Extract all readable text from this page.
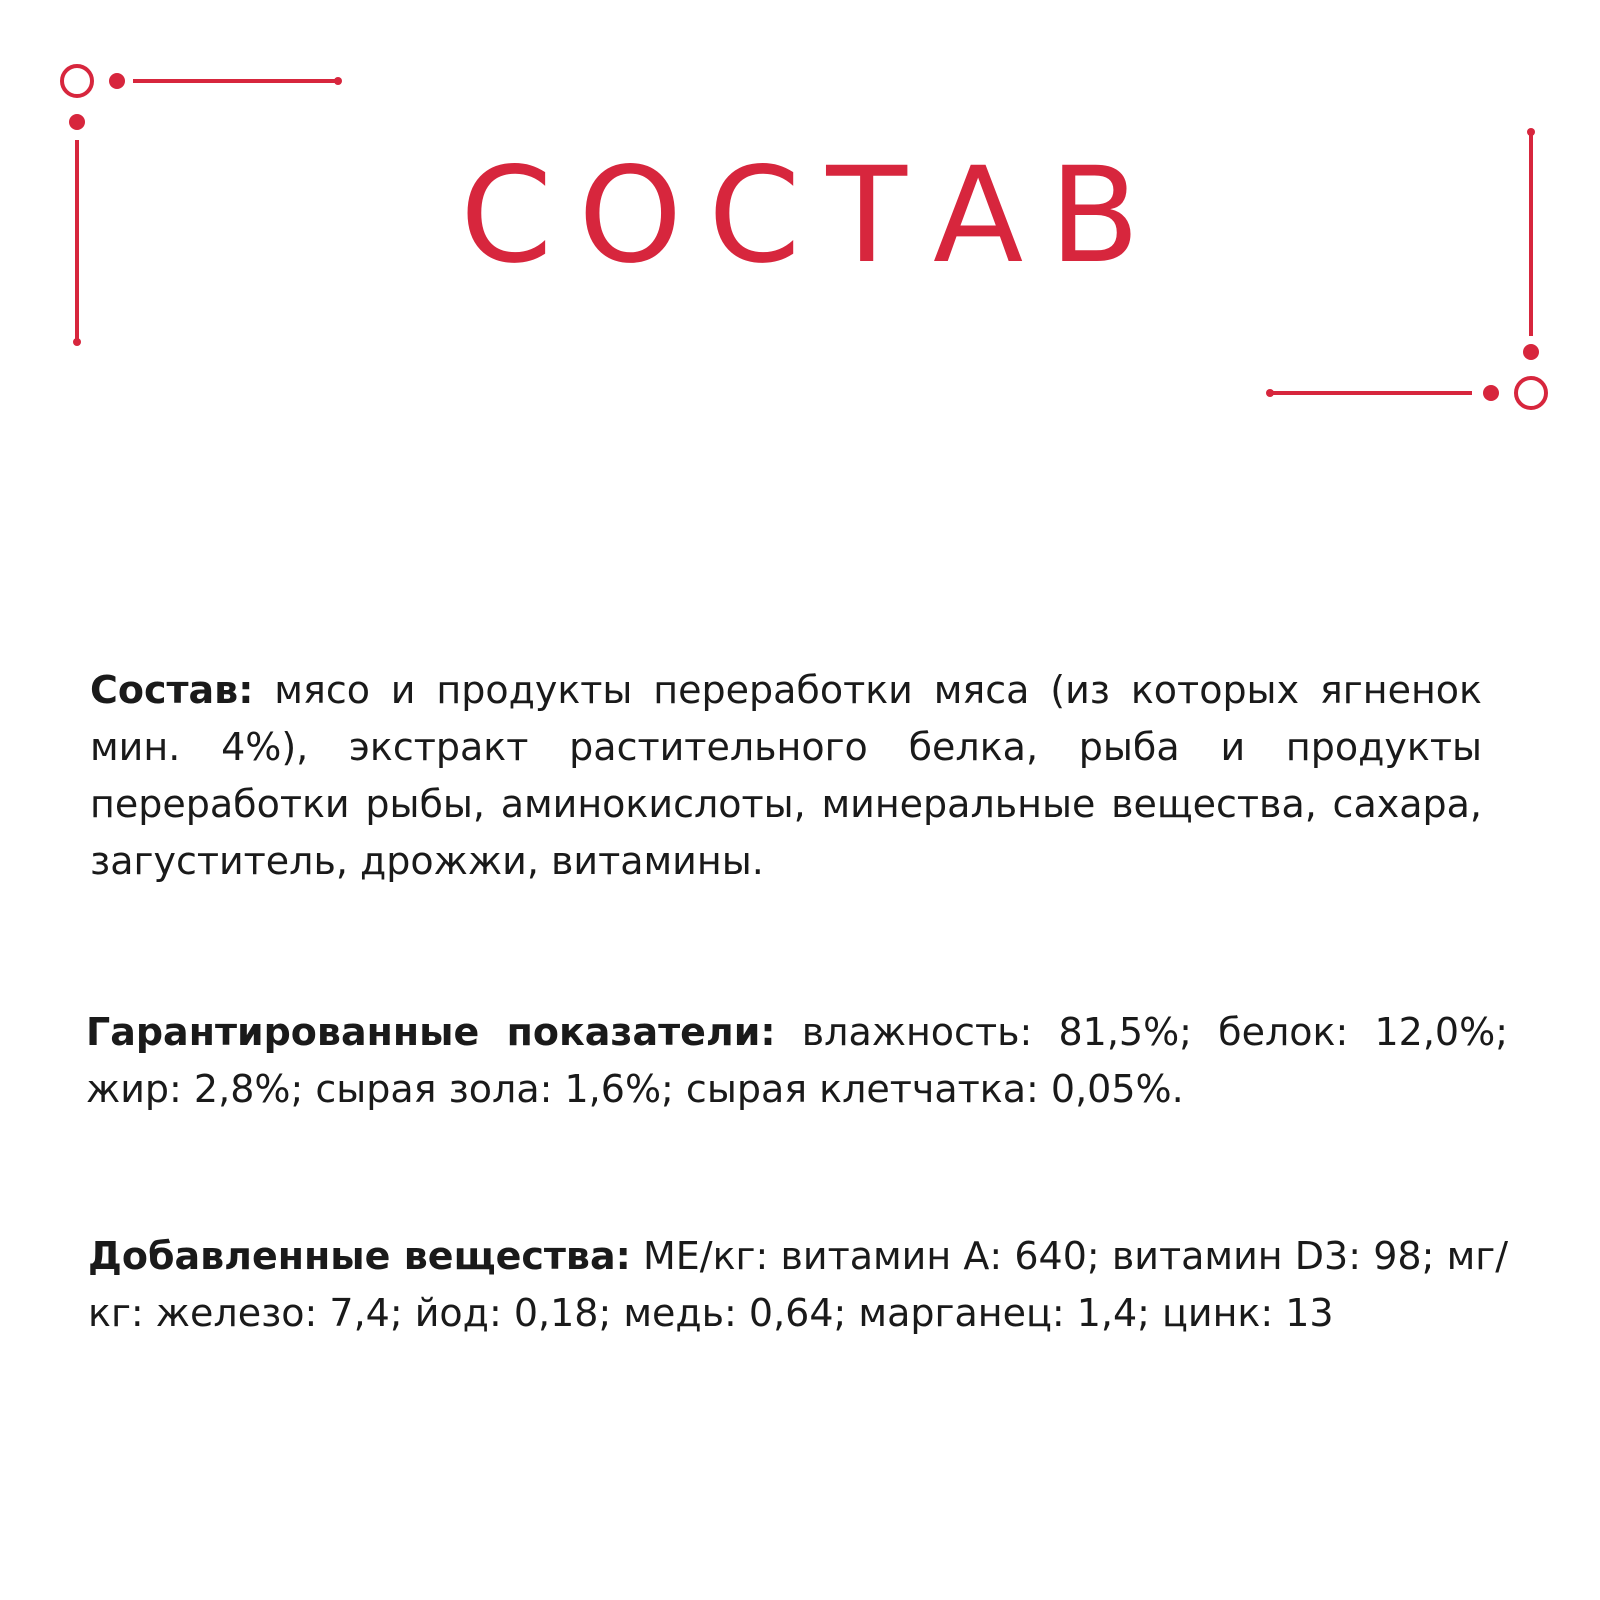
СОСТАВ

Состав: мясо и продукты переработки мяса (из которых ягненок мин. 4%), экстракт растительного белка, рыба и продукты переработки рыбы, аминокислоты, минеральные вещества, сахара, загуститель, дрожжи, витамины.

Гарантированные показатели: влажность: 81,5%; белок: 12,0%; жир: 2,8%; сырая зола: 1,6%; сырая клетчатка: 0,05%.

Добавленные вещества: МЕ/кг: витамин А: 640; витамин D3: 98; мг/кг: железо: 7,4; йод: 0,18; медь: 0,64; марганец: 1,4; цинк: 13
